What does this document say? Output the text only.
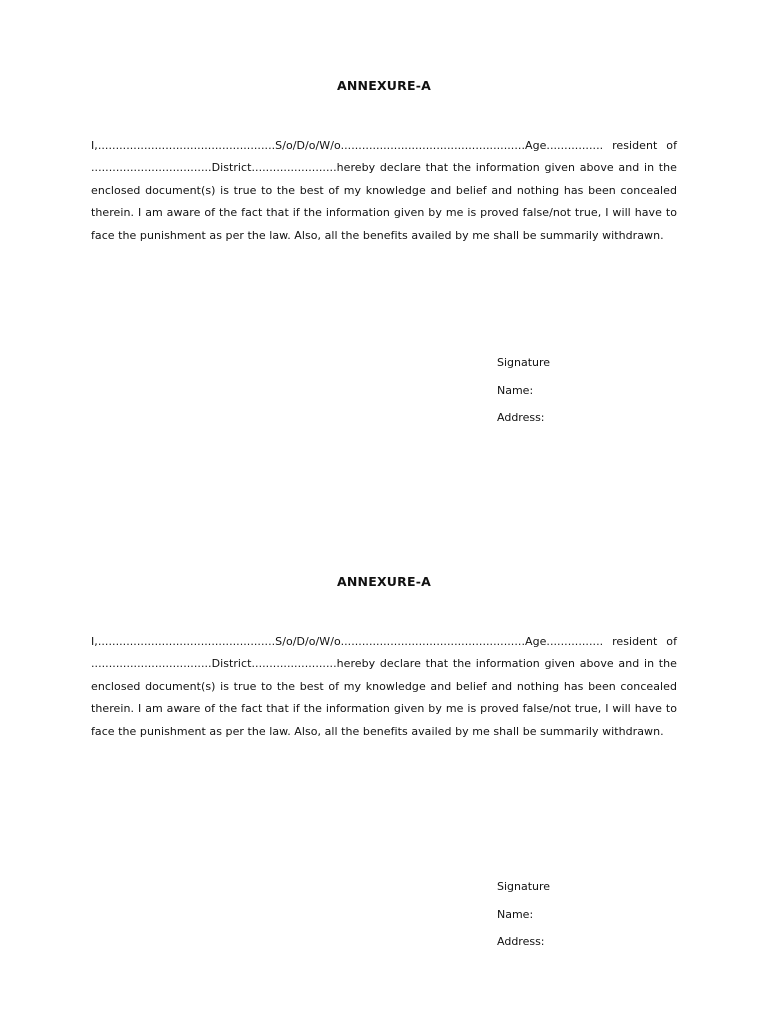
ANNEXURE-A

I,..................................................S/o/D/o/W/o....................................................Age................ resident of ..................................District........................hereby declare that the information given above and in the enclosed document(s) is true to the best of my knowledge and belief and nothing has been concealed therein. I am aware of the fact that if the information given by me is proved false/not true, I will have to face the punishment as per the law. Also, all the benefits availed by me shall be summarily withdrawn.

Signature
Name:
Address:
ANNEXURE-A

I,..................................................S/o/D/o/W/o....................................................Age................ resident of ..................................District........................hereby declare that the information given above and in the enclosed document(s) is true to the best of my knowledge and belief and nothing has been concealed therein. I am aware of the fact that if the information given by me is proved false/not true, I will have to face the punishment as per the law. Also, all the benefits availed by me shall be summarily withdrawn.

Signature
Name:
Address:
